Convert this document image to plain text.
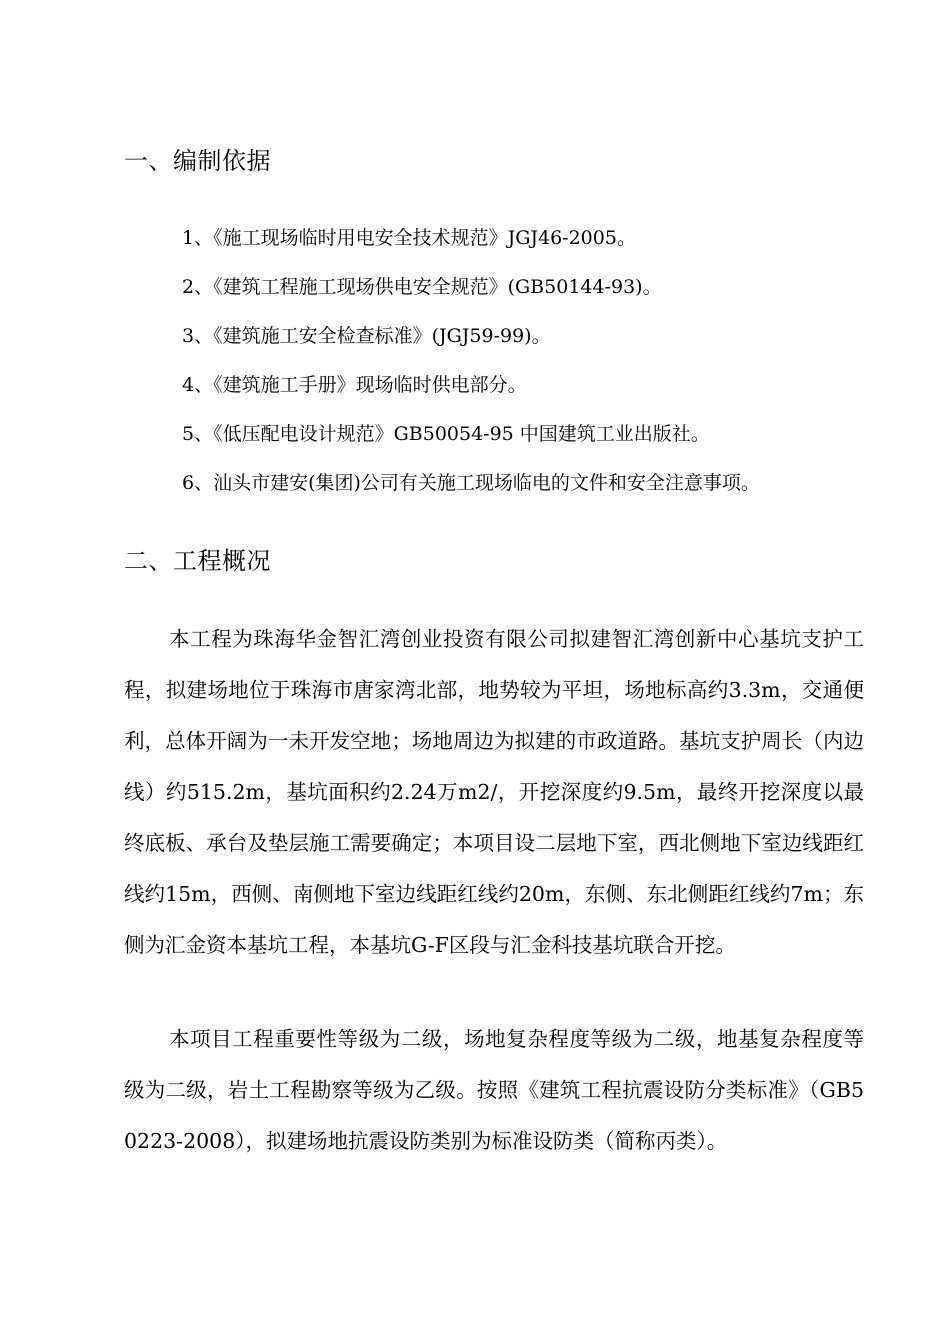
一、编制依据
1、《施工现场临时用电安全技术规范》JGJ46-2005。
2、《建筑工程施工现场供电安全规范》(GB50144-93)。
3、《建筑施工安全检查标准》(JGJ59-99)。
4、《建筑施工手册》现场临时供电部分。
5、《低压配电设计规范》GB50054-95 中国建筑工业出版社。
6、汕头市建安(集团)公司有关施工现场临电的文件和安全注意事项。
二、工程概况

本工程为珠海华金智汇湾创业投资有限公司拟建智汇湾创新中心基坑支护工程，拟建场地位于珠海市唐家湾北部，地势较为平坦，场地标高约3.3m，交通便利，总体开阔为一未开发空地；场地周边为拟建的市政道路。基坑支护周长（内边线）约515.2m，基坑面积约2.24万m2/，开挖深度约9.5m，最终开挖深度以最终底板、承台及垫层施工需要确定；本项目设二层地下室，西北侧地下室边线距红线约15m，西侧、南侧地下室边线距红线约20m，东侧、东北侧距红线约7m；东侧为汇金资本基坑工程，本基坑G-F区段与汇金科技基坑联合开挖。

本项目工程重要性等级为二级，场地复杂程度等级为二级，地基复杂程度等级为二级，岩土工程勘察等级为乙级。按照《建筑工程抗震设防分类标准》（GB50223-2008），拟建场地抗震设防类别为标准设防类（简称丙类）。
